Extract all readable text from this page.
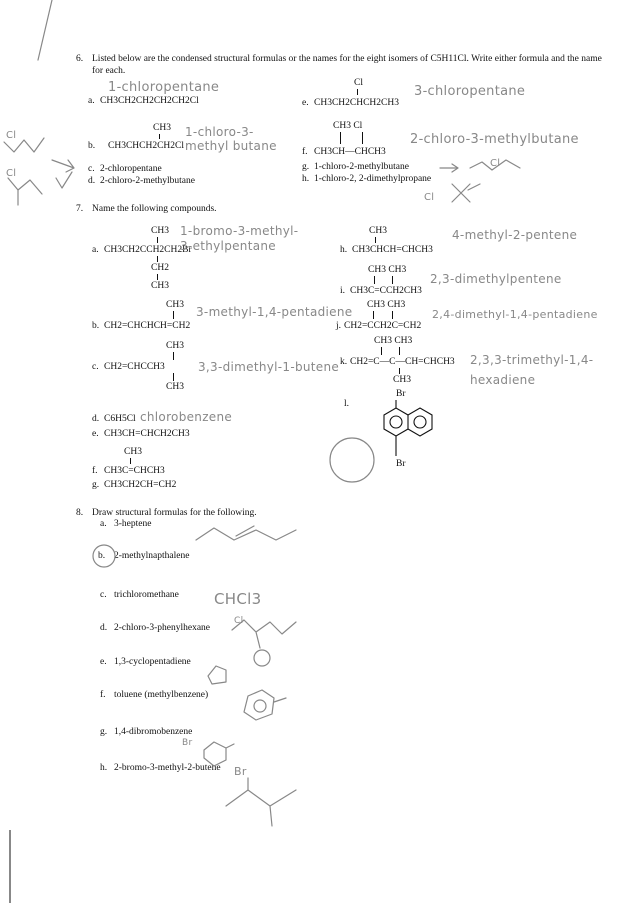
6. Listed below are the condensed structural formulas or the names for the eight isomers of C5H11Cl. Write either formula and the name for each.
1-chloropentane
a. CH3CH2CH2CH2CH2Cl
Cl
e. CH3CH2CHCH2CH3
3-chloropentane
CH3
b. CH3CHCH2CH2Cl
1-chloro-3-methyl butane
CH3 Cl
f. CH3CH—CHCH3
2-chloro-3-methylbutane
c. 2-chloropentane
d. 2-chloro-2-methylbutane
g. 1-chloro-2-methylbutane
h. 1-chloro-2, 2-dimethylpropane
Cl
Cl
Cl
Cl
7. Name the following compounds.
CH3
a. CH3CH2CCH2CH2Br
CH2
CH3
1-bromo-3-methyl-3-ethylpentane
CH3
h. CH3CHCH=CHCH3
4-methyl-2-pentene
CH3 CH3
i. CH3C=CCH2CH3
2,3-dimethylpentene
CH3
b. CH2=CHCHCH=CH2
3-methyl-1,4-pentadiene CH3 CH3
j. CH2=CCH2C=CH2
2,4-dimethyl-1,4-pentadiene
CH3 CH3
k. CH2=C—C—CH=CHCH3
CH3
2,3,3-trimethyl-1,4-hexadiene
CH3
c. CH2=CHCCH3
CH3
3,3-dimethyl-1-butene
l.
Br
Br
d. C6H5Cl chlorobenzene
e. CH3CH=CHCH2CH3
CH3
f. CH3C=CHCH3
g. CH3CH2CH=CH2
8. Draw structural formulas for the following.
a. 3-heptene
b. 2-methylnapthalene
c. trichloromethane CHCl3
d. 2-chloro-3-phenylhexane
Cl
e. 1,3-cyclopentadiene
f. toluene (methylbenzene)
g. 1,4-dibromobenzene
Br
h. 2-bromo-3-methyl-2-butene Br
